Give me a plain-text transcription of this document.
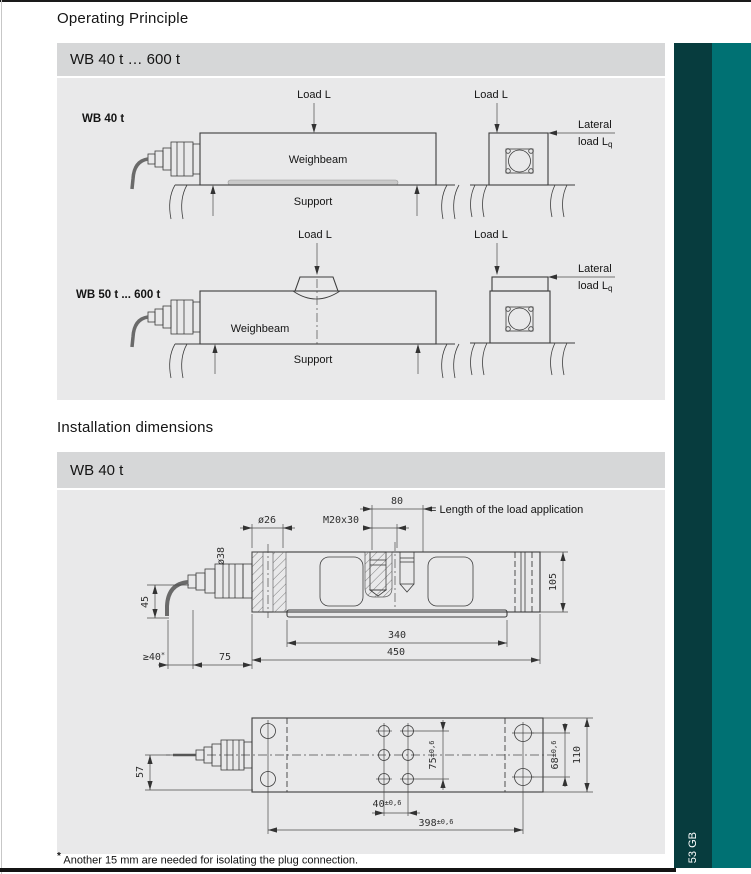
Operating Principle
WB 40 t … 600 t
WB 40 t
Load L
Weighbeam
Support
Load L
Lateral
load Lq
WB 50 t ... 600 t
Load L
Weighbeam
Support
Load L
Lateral
load Lq
Installation dimensions
WB 40 t
ø38
45
ø26	M20x30
80
= Length of the load application
105
340
450
≥40*	75
57
$75^{\pm 0,6}$
$68^{\pm 0,6}$	110
$40^{\pm 0,6}$
$398^{\pm 0,6}$
* Another 15 mm are needed for isolating the plug connection.	53 GB
